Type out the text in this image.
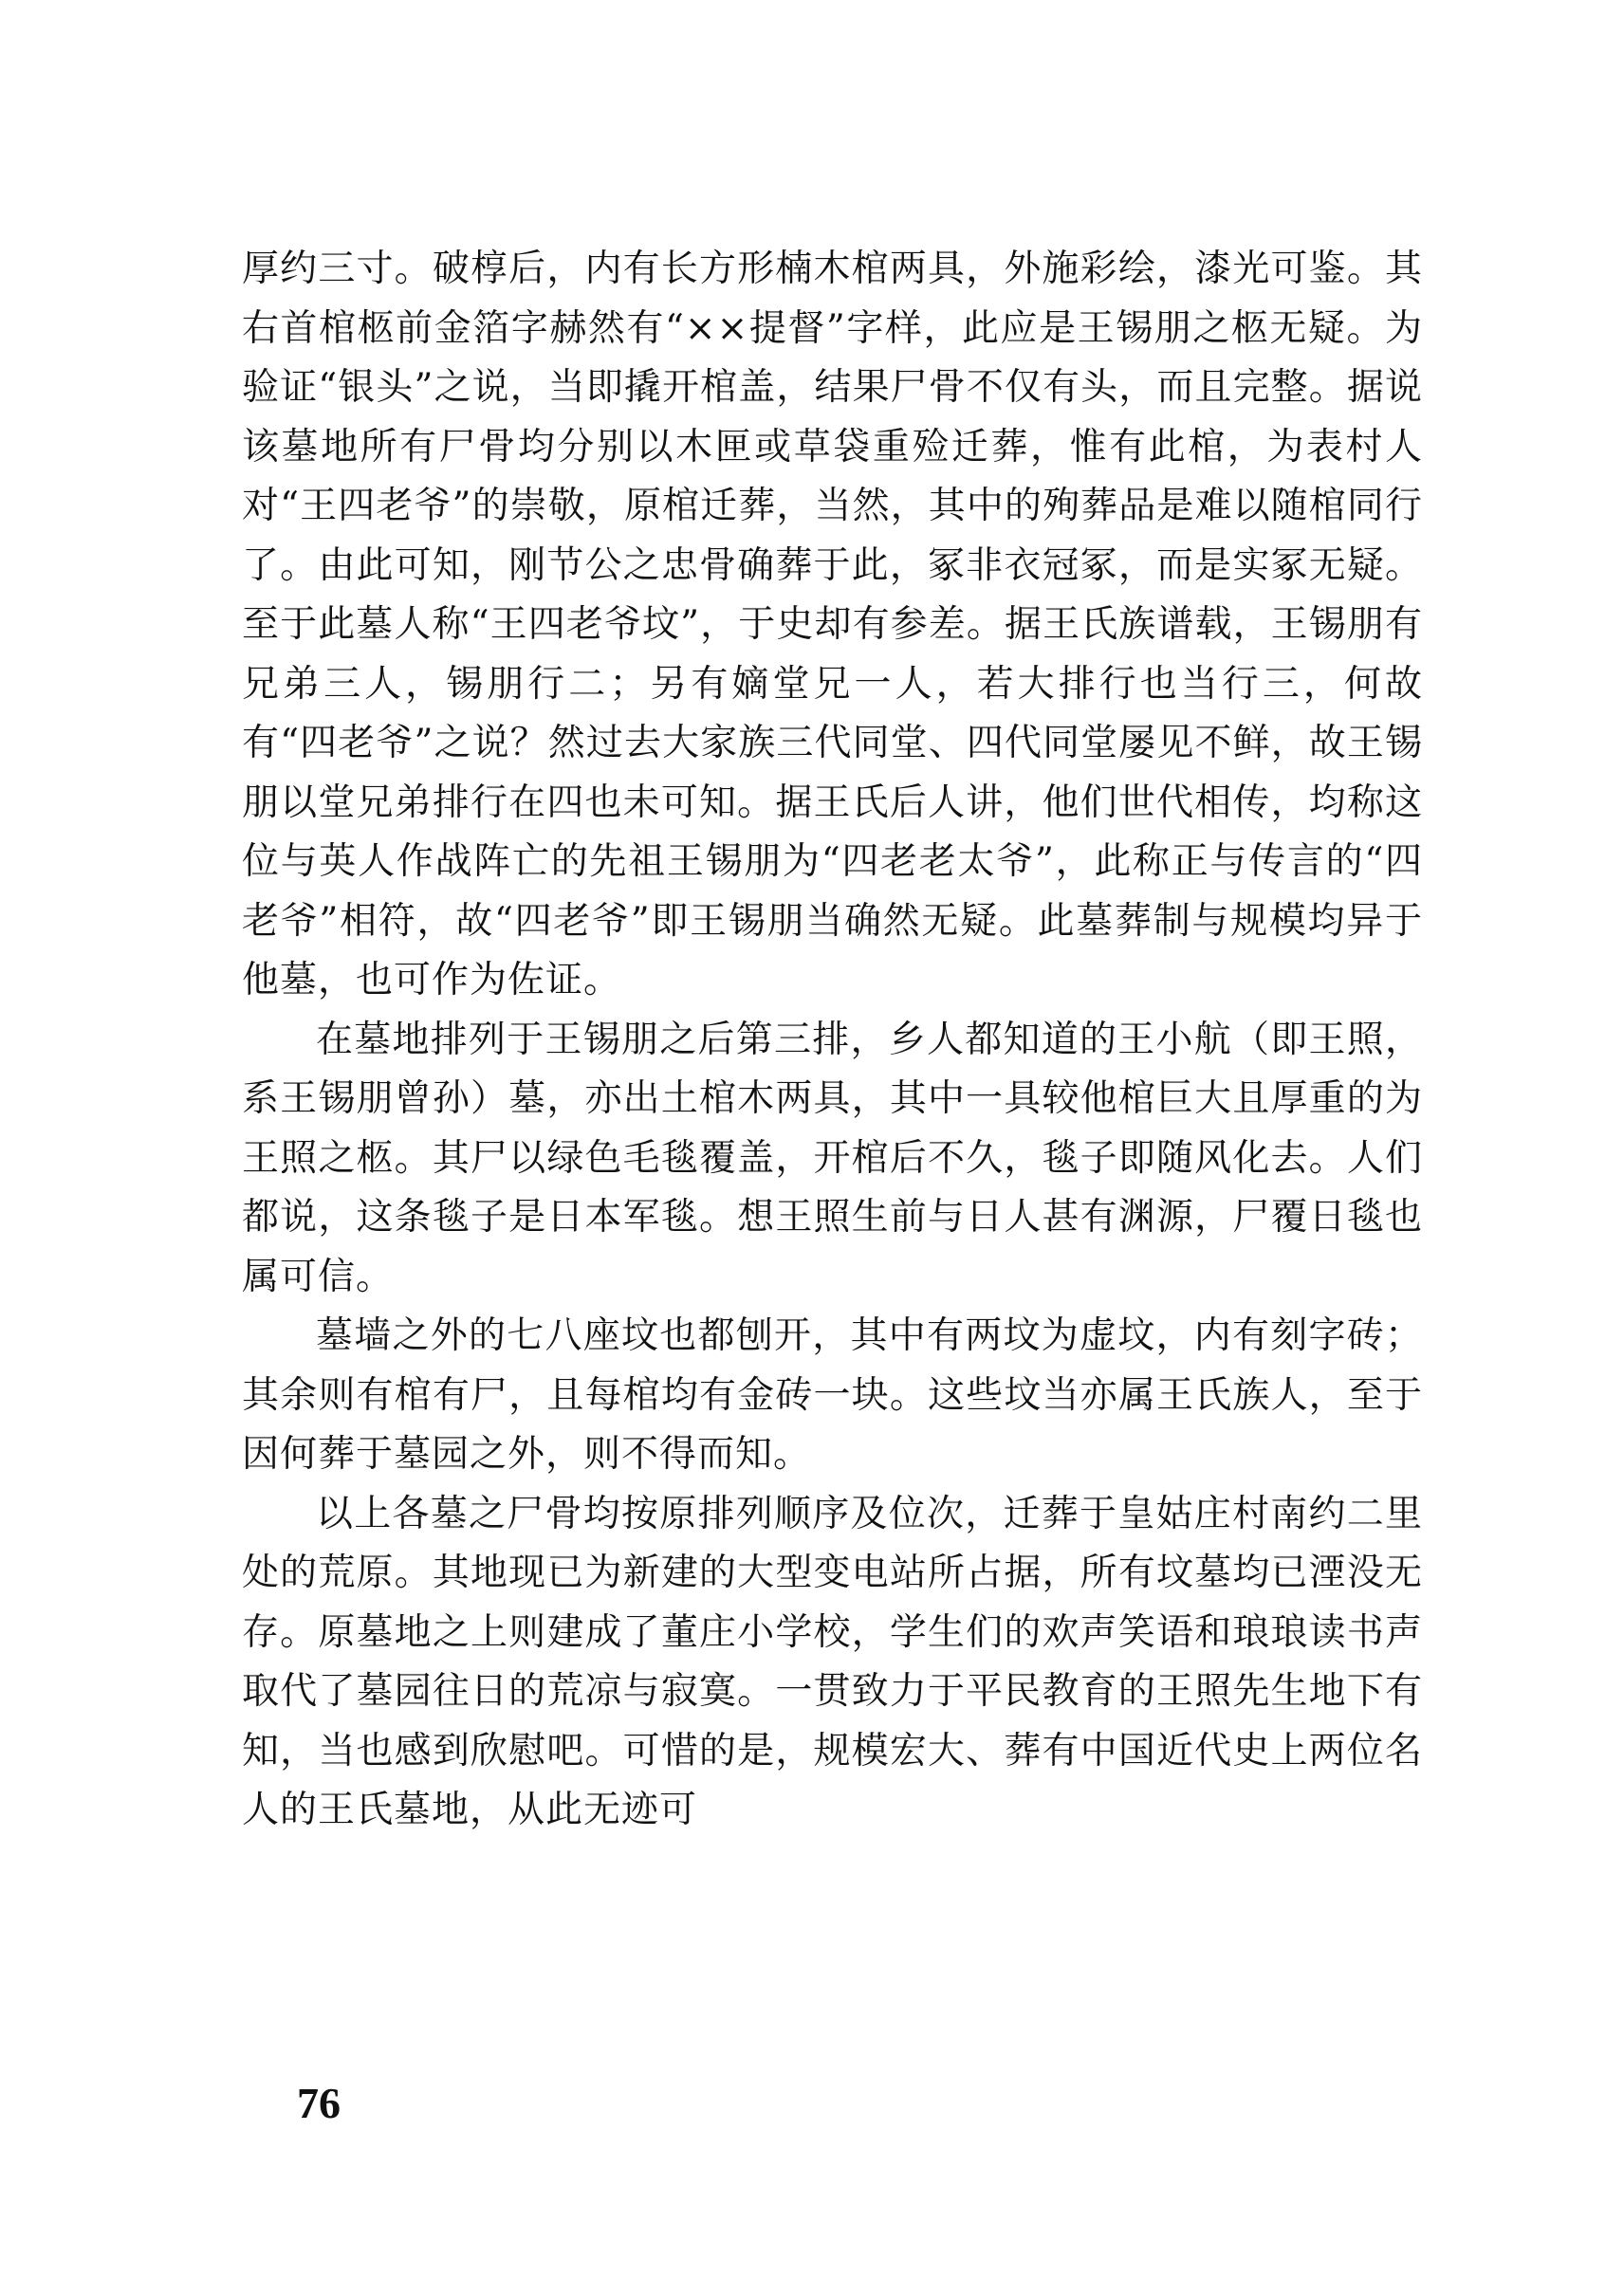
厚约三寸。破椁后，内有长方形楠木棺两具，外施彩绘，漆光可鉴。其右首棺柩前金箔字赫然有“××提督”字样，此应是王锡朋之柩无疑。为验证“银头”之说，当即撬开棺盖，结果尸骨不仅有头，而且完整。据说该墓地所有尸骨均分别以木匣或草袋重殓迁葬，惟有此棺，为表村人对“王四老爷”的崇敬，原棺迁葬，当然，其中的殉葬品是难以随棺同行了。由此可知，刚节公之忠骨确葬于此，冢非衣冠冢，而是实冢无疑。至于此墓人称“王四老爷坟”，于史却有参差。据王氏族谱载，王锡朋有兄弟三人，锡朋行二；另有嫡堂兄一人，若大排行也当行三，何故有“四老爷”之说？然过去大家族三代同堂、四代同堂屡见不鲜，故王锡朋以堂兄弟排行在四也未可知。据王氏后人讲，他们世代相传，均称这位与英人作战阵亡的先祖王锡朋为“四老老太爷”，此称正与传言的“四老爷”相符，故“四老爷”即王锡朋当确然无疑。此墓葬制与规模均异于他墓，也可作为佐证。

在墓地排列于王锡朋之后第三排，乡人都知道的王小航（即王照，系王锡朋曾孙）墓，亦出土棺木两具，其中一具较他棺巨大且厚重的为王照之柩。其尸以绿色毛毯覆盖，开棺后不久，毯子即随风化去。人们都说，这条毯子是日本军毯。想王照生前与日人甚有渊源，尸覆日毯也属可信。

墓墙之外的七八座坟也都刨开，其中有两坟为虚坟，内有刻字砖；其余则有棺有尸，且每棺均有金砖一块。这些坟当亦属王氏族人，至于因何葬于墓园之外，则不得而知。

以上各墓之尸骨均按原排列顺序及位次，迁葬于皇姑庄村南约二里处的荒原。其地现已为新建的大型变电站所占据，所有坟墓均已湮没无存。原墓地之上则建成了董庄小学校，学生们的欢声笑语和琅琅读书声取代了墓园往日的荒凉与寂寞。一贯致力于平民教育的王照先生地下有知，当也感到欣慰吧。可惜的是，规模宏大、葬有中国近代史上两位名人的王氏墓地，从此无迹可

76
